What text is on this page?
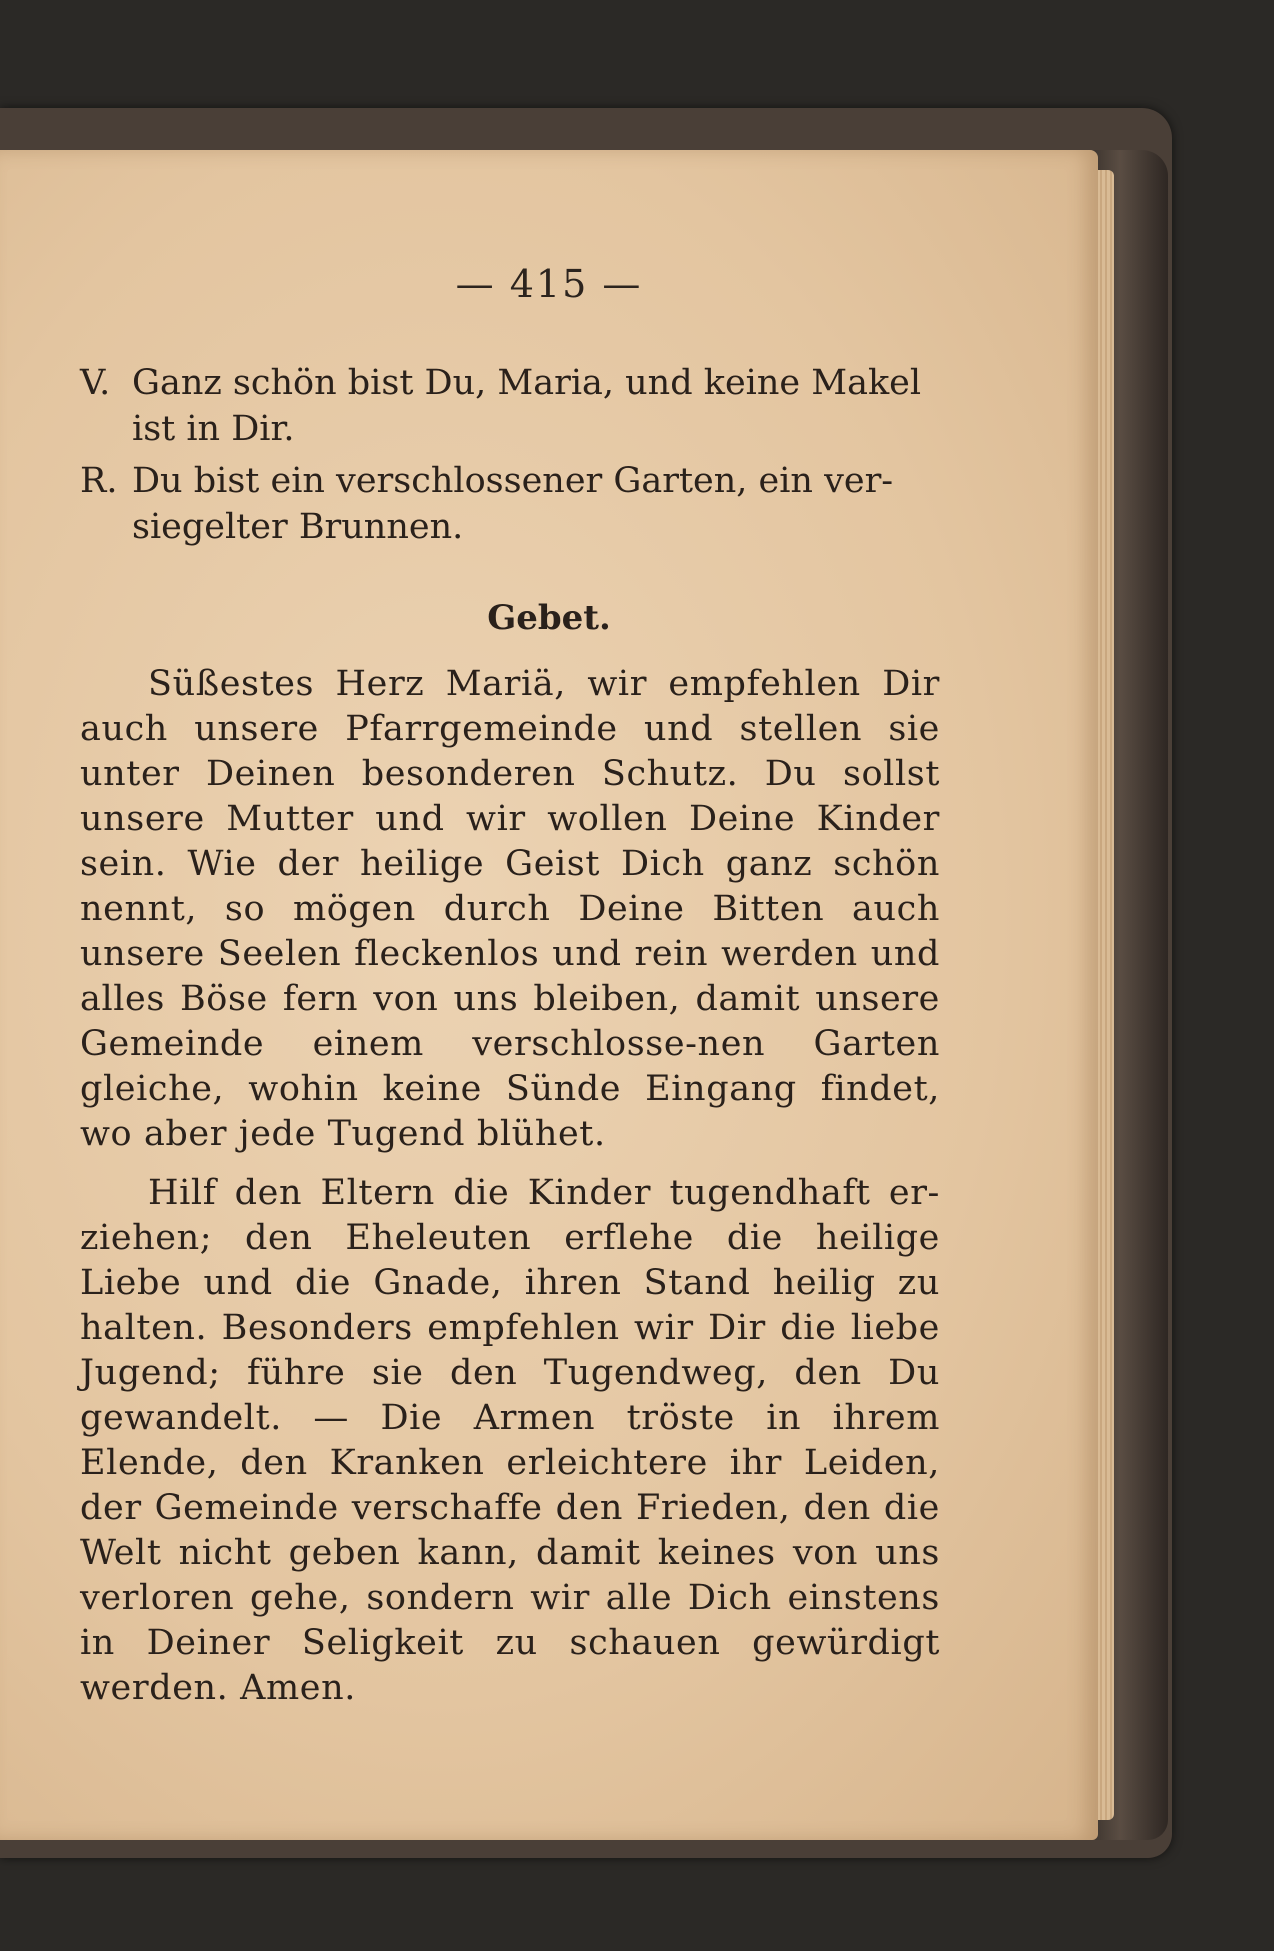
— 415 —
V. Ganz schön bist Du, Maria, und keine Makel
ist in Dir.
R. Du bist ein verschlossener Garten, ein ver-
siegelter Brunnen.
Gebet.

Süßestes Herz Mariä, wir empfehlen Dir auch unsere Pfarrgemeinde und stellen sie unter Deinen besonderen Schutz. Du sollst unsere Mutter und wir wollen Deine Kinder sein. Wie der heilige Geist Dich ganz schön nennt, so mögen durch Deine Bitten auch unsere Seelen fleckenlos und rein werden und alles Böse fern von uns bleiben, damit unsere Gemeinde einem verschlosse-nen Garten gleiche, wohin keine Sünde Eingang findet, wo aber jede Tugend blühet.

Hilf den Eltern die Kinder tugendhaft er-ziehen; den Eheleuten erflehe die heilige Liebe und die Gnade, ihren Stand heilig zu halten. Besonders empfehlen wir Dir die liebe Jugend; führe sie den Tugendweg, den Du gewandelt. — Die Armen tröste in ihrem Elende, den Kranken erleichtere ihr Leiden, der Gemeinde verschaffe den Frieden, den die Welt nicht geben kann, damit keines von uns verloren gehe, sondern wir alle Dich einstens in Deiner Seligkeit zu schauen gewürdigt werden. Amen.
